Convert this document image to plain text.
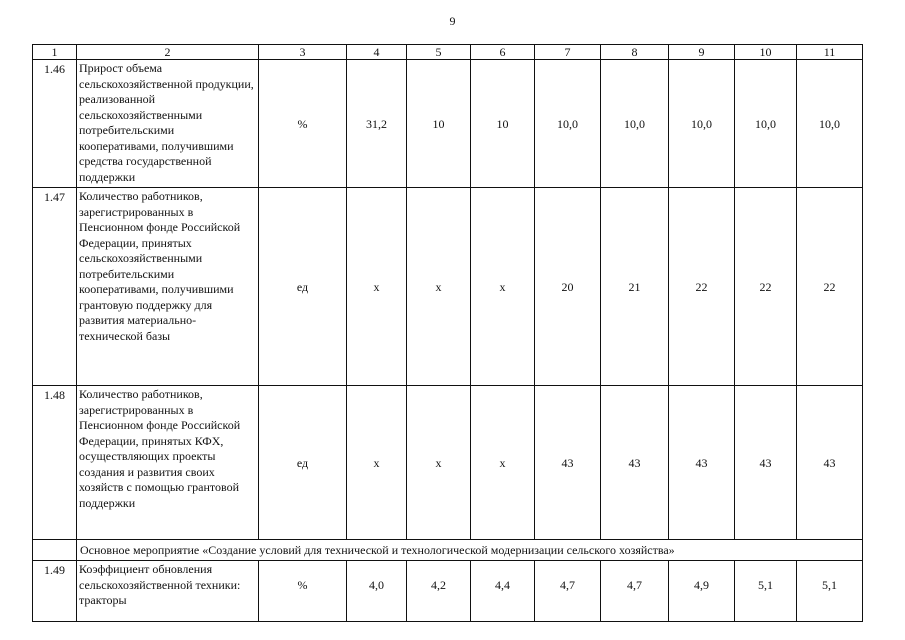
9
1	2	3	4	5	6	7	8	9	10	11
1.46	Прирост объема сельскохозяйственной продукции, реализованной сельскохозяйственными потребительскими кооперативами, получившими средства государственной поддержки	%	31,2	10	10	10,0	10,0	10,0	10,0	10,0
1.47	Количество работников, зарегистрированных в Пенсионном фонде Российской Федерации, принятых сельскохозяйственными потребительскими кооперативами, получившими грантовую поддержку для развития материально-технической базы	ед	x	x	x	20	21	22	22	22
1.48	Количество работников, зарегистрированных в Пенсионном фонде Российской Федерации, принятых КФХ, осуществляющих проекты создания и развития своих хозяйств с помощью грантовой поддержки	ед	x	x	x	43	43	43	43	43
	Основное мероприятие «Создание условий для технической и технологической модернизации сельского хозяйства»									
1.49	Коэффициент обновления сельскохозяйственной техники: тракторы	%	4,0	4,2	4,4	4,7	4,7	4,9	5,1	5,1
